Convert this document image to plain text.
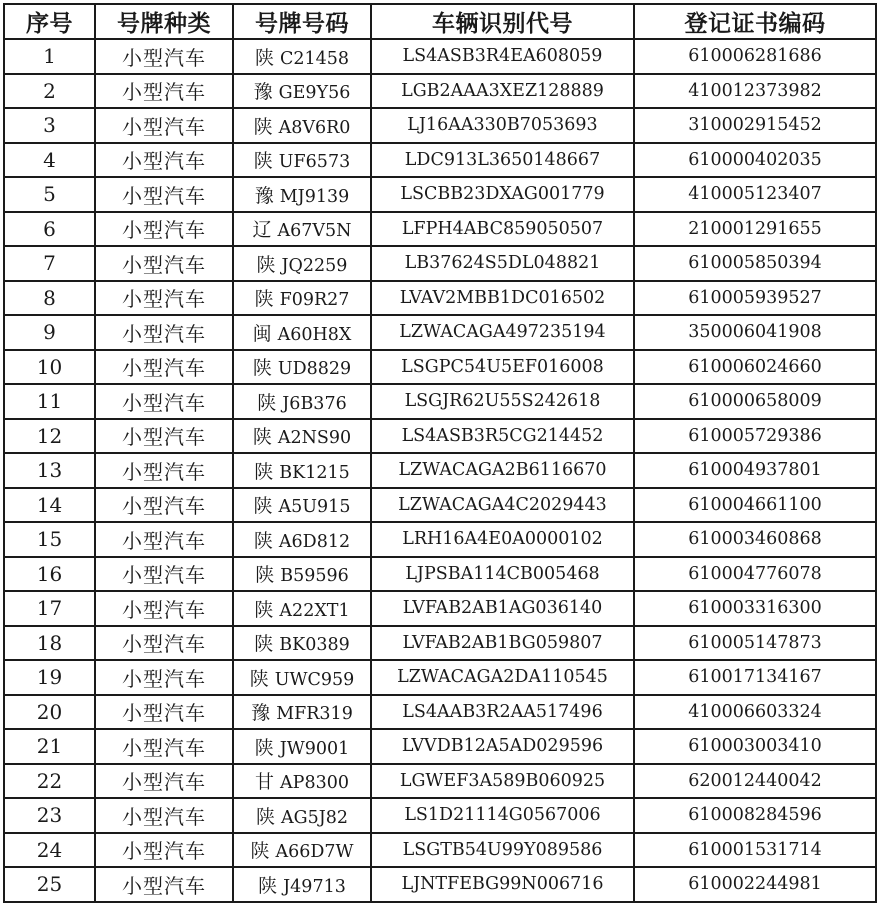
序号	号牌种类	号牌号码	车辆识别代号	登记证书编码
1	小型汽车	陕 C21458	LS4ASB3R4EA608059	610006281686
2	小型汽车	豫 GE9Y56	LGB2AAA3XEZ128889	410012373982
3	小型汽车	陕 A8V6R0	LJ16AA330B7053693	310002915452
4	小型汽车	陕 UF6573	LDC913L3650148667	610000402035
5	小型汽车	豫 MJ9139	LSCBB23DXAG001779	410005123407
6	小型汽车	辽 A67V5N	LFPH4ABC859050507	210001291655
7	小型汽车	陕 JQ2259	LB37624S5DL048821	610005850394
8	小型汽车	陕 F09R27	LVAV2MBB1DC016502	610005939527
9	小型汽车	闽 A60H8X	LZWACAGA497235194	350006041908
10	小型汽车	陕 UD8829	LSGPC54U5EF016008	610006024660
11	小型汽车	陕 J6B376	LSGJR62U55S242618	610000658009
12	小型汽车	陕 A2NS90	LS4ASB3R5CG214452	610005729386
13	小型汽车	陕 BK1215	LZWACAGA2B6116670	610004937801
14	小型汽车	陕 A5U915	LZWACAGA4C2029443	610004661100
15	小型汽车	陕 A6D812	LRH16A4E0A0000102	610003460868
16	小型汽车	陕 B59596	LJPSBA114CB005468	610004776078
17	小型汽车	陕 A22XT1	LVFAB2AB1AG036140	610003316300
18	小型汽车	陕 BK0389	LVFAB2AB1BG059807	610005147873
19	小型汽车	陕 UWC959	LZWACAGA2DA110545	610017134167
20	小型汽车	豫 MFR319	LS4AAB3R2AA517496	410006603324
21	小型汽车	陕 JW9001	LVVDB12A5AD029596	610003003410
22	小型汽车	甘 AP8300	LGWEF3A589B060925	620012440042
23	小型汽车	陕 AG5J82	LS1D21114G0567006	610008284596
24	小型汽车	陕 A66D7W	LSGTB54U99Y089586	610001531714
25	小型汽车	陕 J49713	LJNTFEBG99N006716	610002244981
